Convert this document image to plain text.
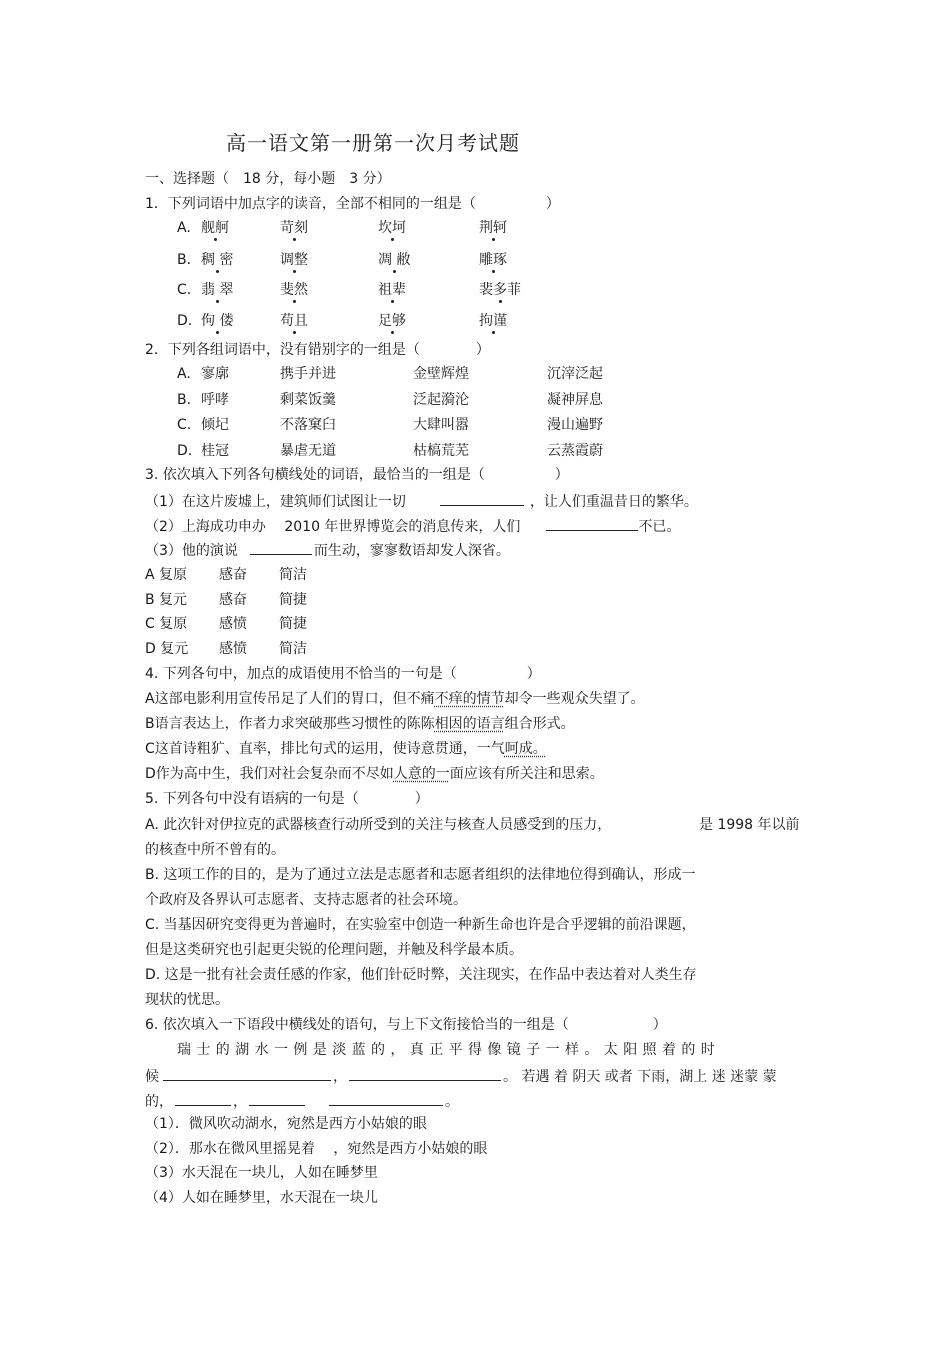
高一语文第一册第一次月考试题
一、选择题（　18 分，每小题　3 分）
1．下列词语中加点字的读音，全部不相同的一组是（　　　　　）
A. 舰舸	苛刻	坎坷	荆轲
B. 稠 密	调整	凋 敝	雕琢
C. 翡 翠	斐然	祖辈	裴多菲
D. 佝 偻	苟且	足够	拘谨
2．下列各组词语中，没有错别字的一组是（　　　　）
A. 寥廓	携手并进	金壁辉煌	沉滓泛起
B. 呼哮	剩菜饭羹	泛起漪沦	凝神屏息
C. 倾圮	不落窠臼	大肆叫嚣	漫山遍野
D. 桂冠	暴虐无道	枯槁荒芜	云蒸霞蔚
3. 依次填入下列各句横线处的词语，最恰当的一组是（　　　　　）
（1）在这片废墟上，建筑师们试图让一切	，让人们重温昔日的繁华。
（2）上海成功申办　 2010 年世界博览会的消息传来，人们	不已。
（3）他的演说	而生动，寥寥数语却发人深省。
A 复原 感奋 简洁
B 复元 感奋 简捷
C 复原 感愤 简捷
D 复元 感愤 简洁
4. 下列各句中，加点的成语使用不恰当的一句是（　　　　　）
A这部电影利用宣传吊足了人们的胃口，但不痛不痒的情节却令一些观众失望了。
B语言表达上，作者力求突破那些习惯性的陈陈相因的语言组合形式。
C这首诗粗犷、直率，排比句式的运用，使诗意贯通，一气呵成。
D作为高中生，我们对社会复杂而不尽如人意的一面应该有所关注和思索。
5. 下列各句中没有语病的一句是（　　　　）
A. 此次针对伊拉克的武器核查行动所受到的关注与核查人员感受到的压力，	是 1998 年以前
的核查中所不曾有的。
B. 这项工作的目的，是为了通过立法是志愿者和志愿者组织的法律地位得到确认，形成一
个政府及各界认可志愿者、支持志愿者的社会环境。
C. 当基因研究变得更为普遍时，在实验室中创造一种新生命也许是合乎逻辑的前沿课题，
但是这类研究也引起更尖锐的伦理问题，并触及科学最本质。
D. 这是一批有社会责任感的作家，他们针砭时弊，关注现实，在作品中表达着对人类生存
现状的忧思。
6. 依次填入一下语段中横线处的语句，与上下文衔接恰当的一组是（　　　　　　）
瑞士的湖水一例是淡蓝的，真正平得像镜子一样。太阳照着的时
候	，	。 若遇 着 阴天 或者 下雨，湖上 迷 迷蒙 蒙
的，	，	。
（1）．微风吹动湖水，宛然是西方小姑娘的眼
（2）．那水在微风里摇晃着　 ，宛然是西方小姑娘的眼
（3）水天混在一块儿，人如在睡梦里
（4）人如在睡梦里，水天混在一块儿
